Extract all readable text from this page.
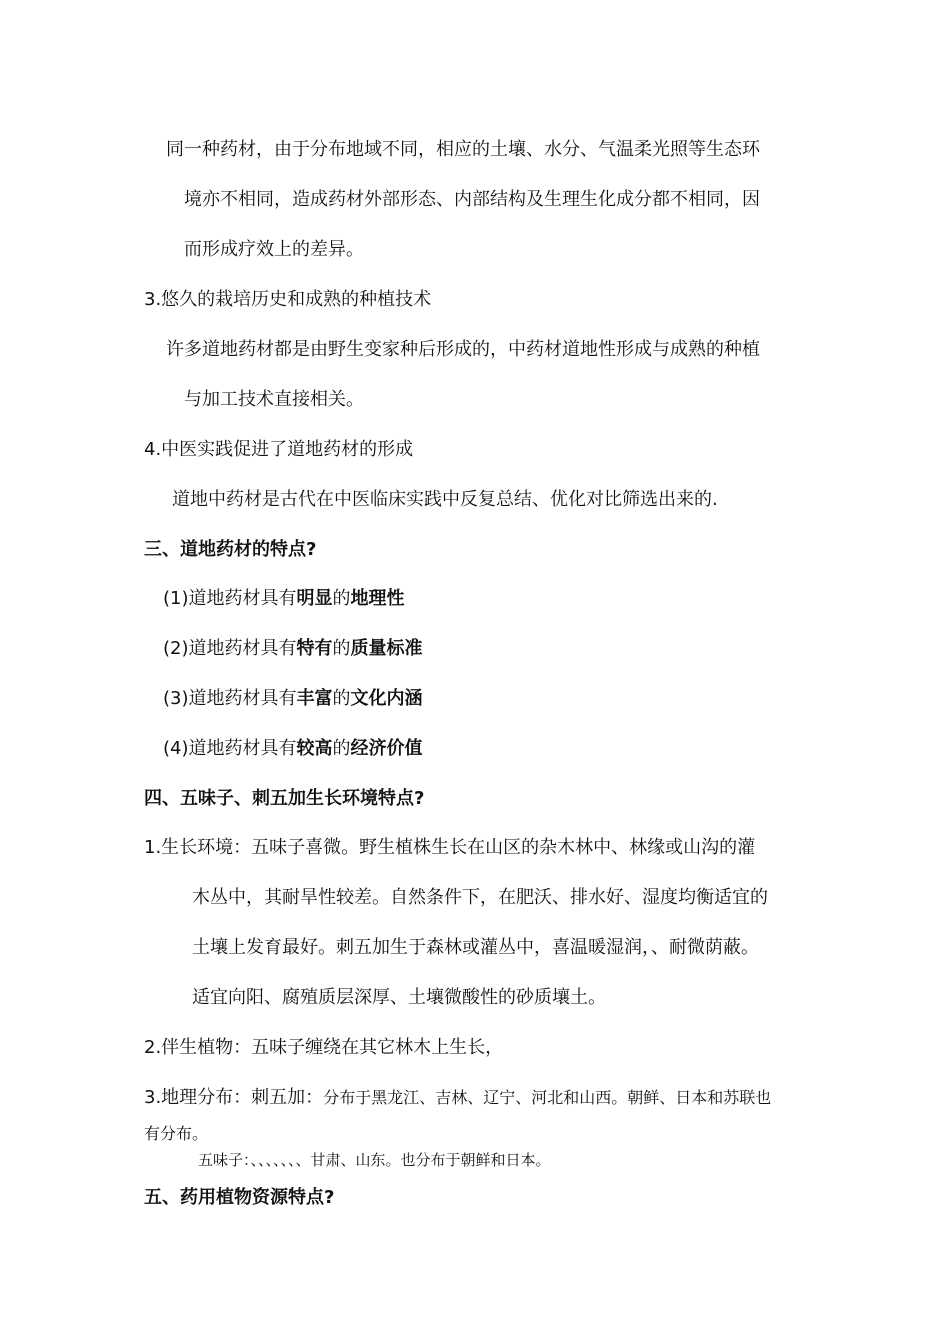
同一种药材，由于分布地域不同，相应的土壤、水分、气温柔光照等生态环
境亦不相同，造成药材外部形态、内部结构及生理生化成分都不相同，因
而形成疗效上的差异。
3.悠久的栽培历史和成熟的种植技术
许多道地药材都是由野生变家种后形成的，中药材道地性形成与成熟的种植
与加工技术直接相关。
4.中医实践促进了道地药材的形成
道地中药材是古代在中医临床实践中反复总结、优化对比筛选出来的.
三、道地药材的特点?
(1)道地药材具有明显的地理性
(2)道地药材具有特有的质量标准
(3)道地药材具有丰富的文化内涵
(4)道地药材具有较高的经济价值
四、五味子、刺五加生长环境特点?
1.生长环境：五味子喜微。野生植株生长在山区的杂木林中、林缘或山沟的灌
木丛中，其耐旱性较差。自然条件下，在肥沃、排水好、湿度均衡适宜的
土壤上发育最好。刺五加生于森林或灌丛中，喜温暖湿润，、耐微荫蔽。
适宜向阳、腐殖质层深厚、土壤微酸性的砂质壤土。
2.伴生植物：五味子缠绕在其它林木上生长，
3.地理分布：刺五加：分布于黑龙江、吉林、辽宁、河北和山西。朝鲜、日本和苏联也
有分布。
五味子：、、、、、、、甘肃、山东。也分布于朝鲜和日本。
五、药用植物资源特点?
